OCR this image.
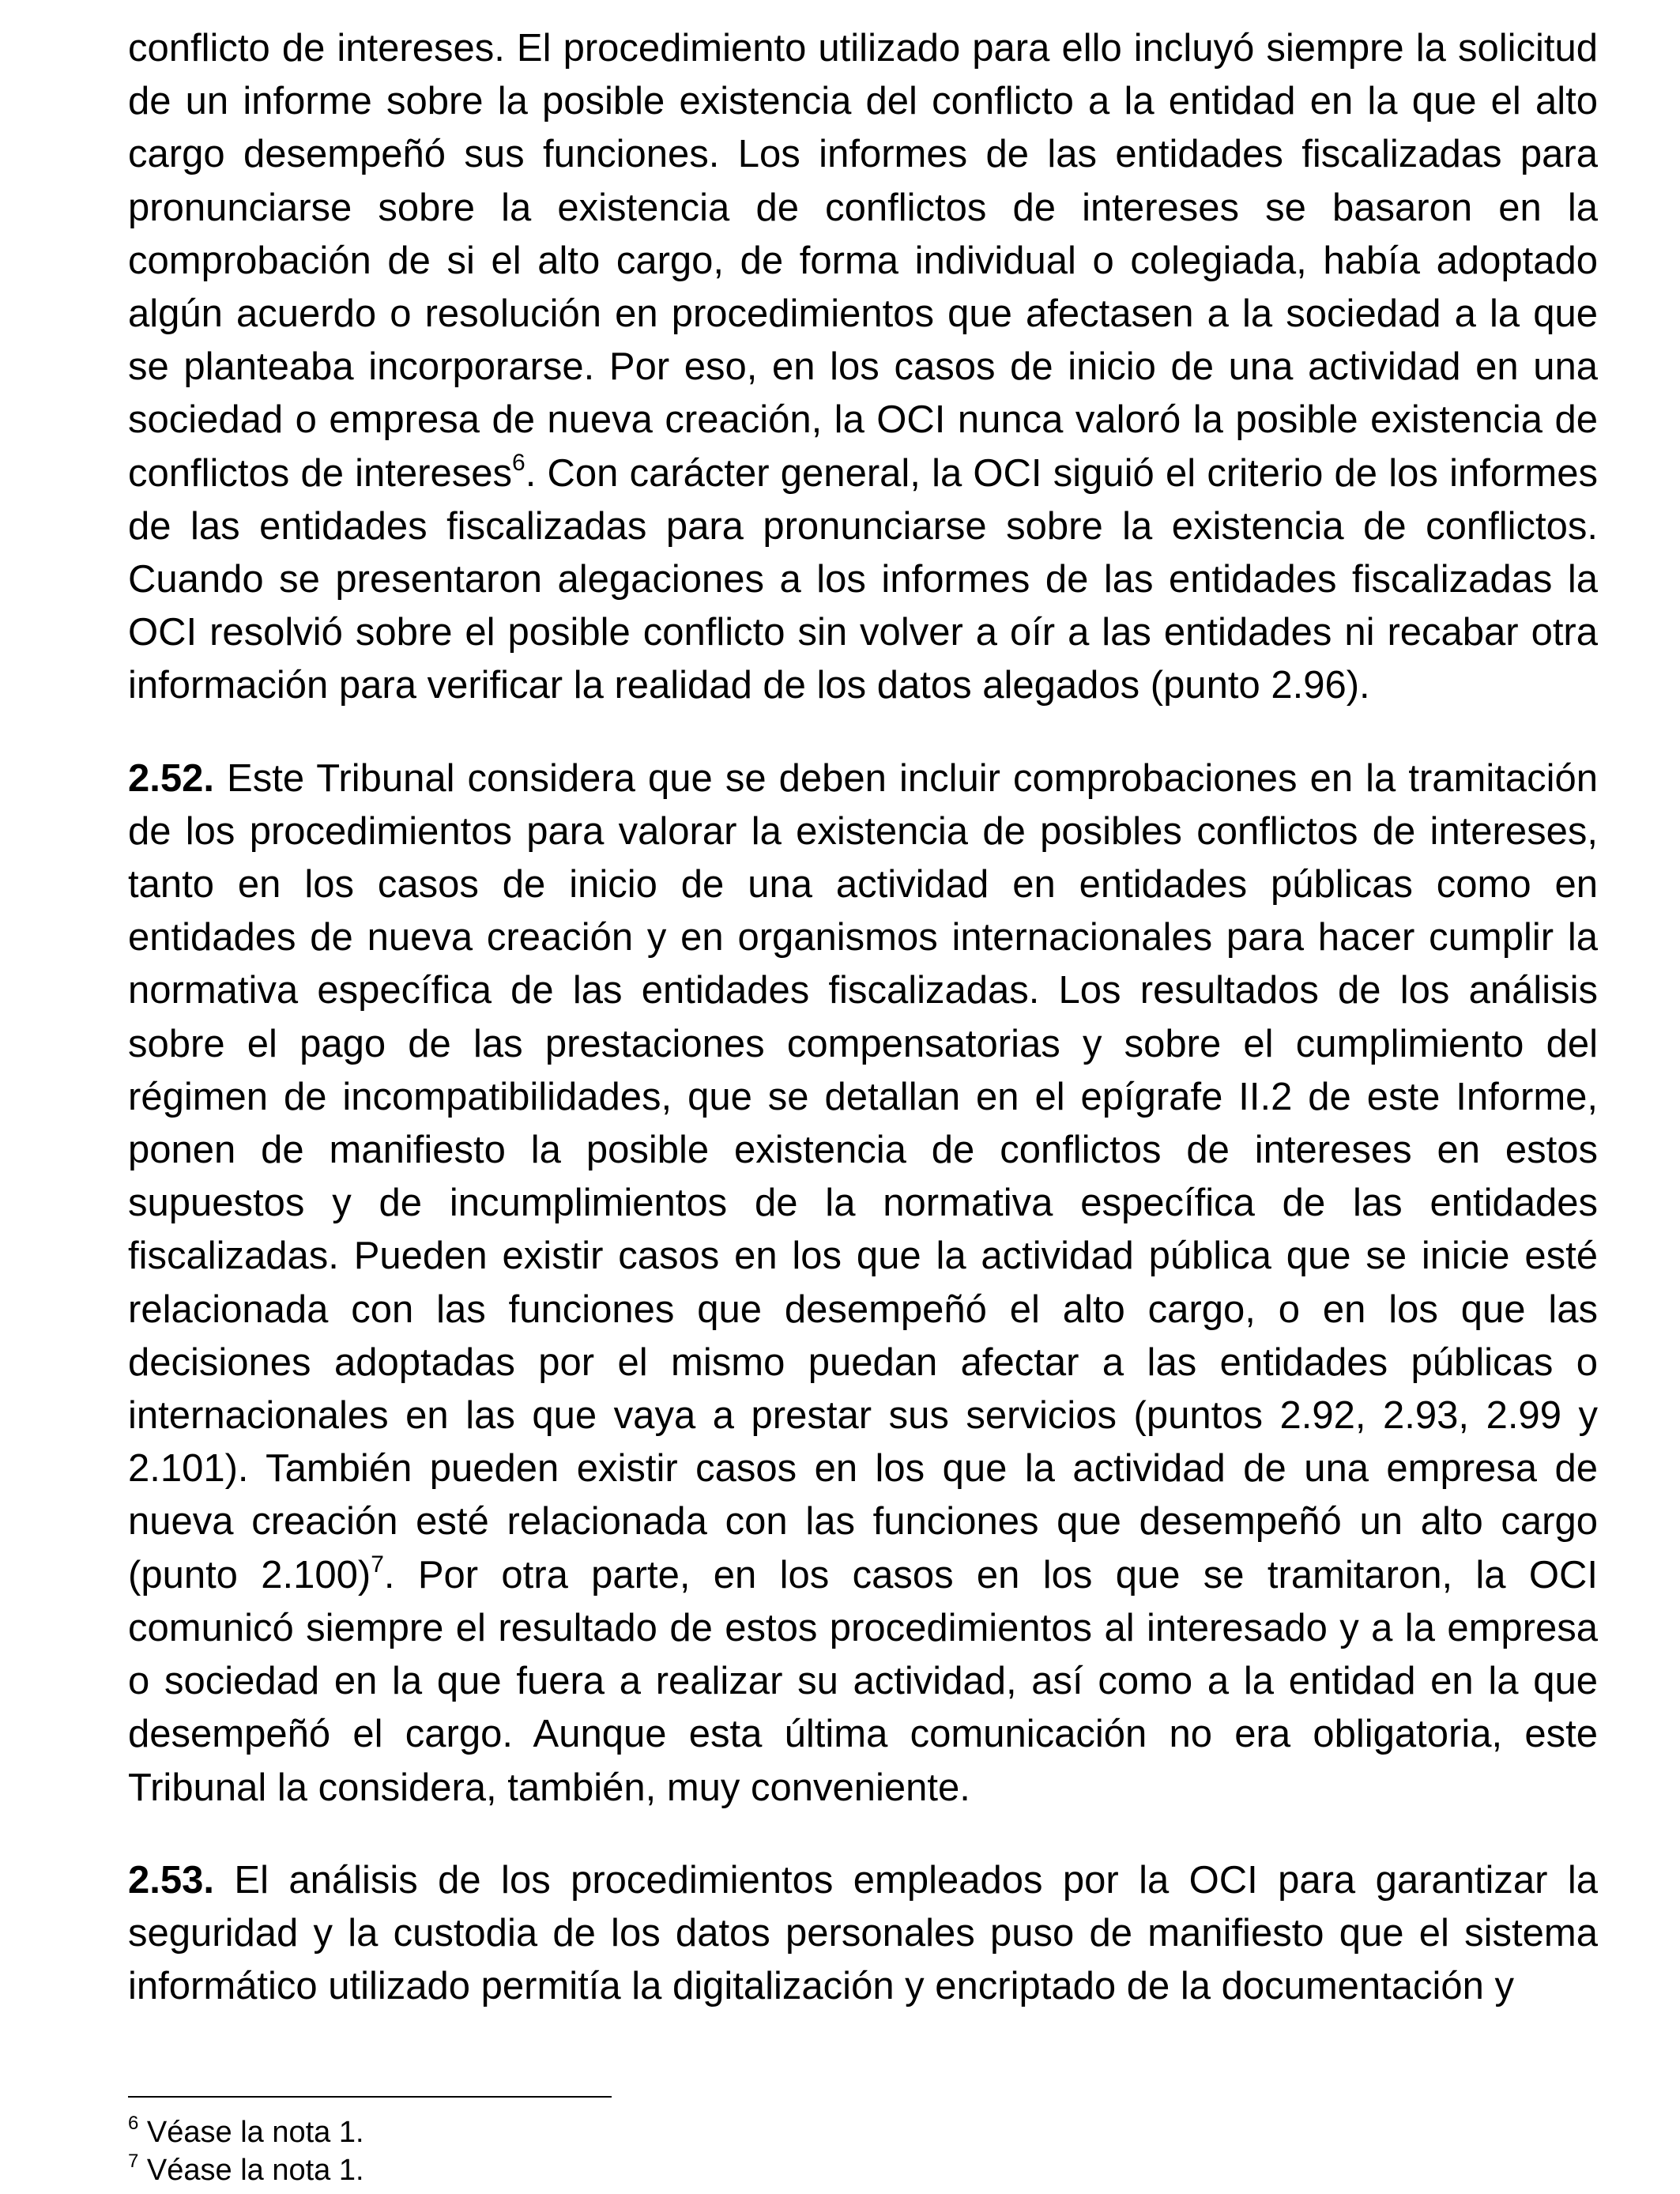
conflicto de intereses. El procedimiento utilizado para ello incluyó siempre la solicitud de un informe sobre la posible existencia del conflicto a la entidad en la que el alto cargo desempeñó sus funciones. Los informes de las entidades fiscalizadas para pronunciarse sobre la existencia de conflictos de intereses se basaron en la comprobación de si el alto cargo, de forma individual o colegiada, había adoptado algún acuerdo o resolución en procedimientos que afectasen a la sociedad a la que se planteaba incorporarse. Por eso, en los casos de inicio de una actividad en una sociedad o empresa de nueva creación, la OCI nunca valoró la posible existencia de conflictos de intereses$^6$. Con carácter general, la OCI siguió el criterio de los informes de las entidades fiscalizadas para pronunciarse sobre la existencia de conflictos. Cuando se presentaron alegaciones a los informes de las entidades fiscalizadas la OCI resolvió sobre el posible conflicto sin volver a oír a las entidades ni recabar otra información para verificar la realidad de los datos alegados (punto 2.96).

2.52. Este Tribunal considera que se deben incluir comprobaciones en la tramitación de los procedimientos para valorar la existencia de posibles conflictos de intereses, tanto en los casos de inicio de una actividad en entidades públicas como en entidades de nueva creación y en organismos internacionales para hacer cumplir la normativa específica de las entidades fiscalizadas. Los resultados de los análisis sobre el pago de las prestaciones compensatorias y sobre el cumplimiento del régimen de incompatibilidades, que se detallan en el epígrafe II.2 de este Informe, ponen de manifiesto la posible existencia de conflictos de intereses en estos supuestos y de incumplimientos de la normativa específica de las entidades fiscalizadas. Pueden existir casos en los que la actividad pública que se inicie esté relacionada con las funciones que desempeñó el alto cargo, o en los que las decisiones adoptadas por el mismo puedan afectar a las entidades públicas o internacionales en las que vaya a prestar sus servicios (puntos 2.92, 2.93, 2.99 y 2.101). También pueden existir casos en los que la actividad de una empresa de nueva creación esté relacionada con las funciones que desempeñó un alto cargo (punto 2.100)$^7$. Por otra parte, en los casos en los que se tramitaron, la OCI comunicó siempre el resultado de estos procedimientos al interesado y a la empresa o sociedad en la que fuera a realizar su actividad, así como a la entidad en la que desempeñó el cargo. Aunque esta última comunicación no era obligatoria, este Tribunal la considera, también, muy conveniente.

2.53. El análisis de los procedimientos empleados por la OCI para garantizar la seguridad y la custodia de los datos personales puso de manifiesto que el sistema informático utilizado permitía la digitalización y encriptado de la documentación y

$^6$ Véase la nota 1.

$^7$ Véase la nota 1.
